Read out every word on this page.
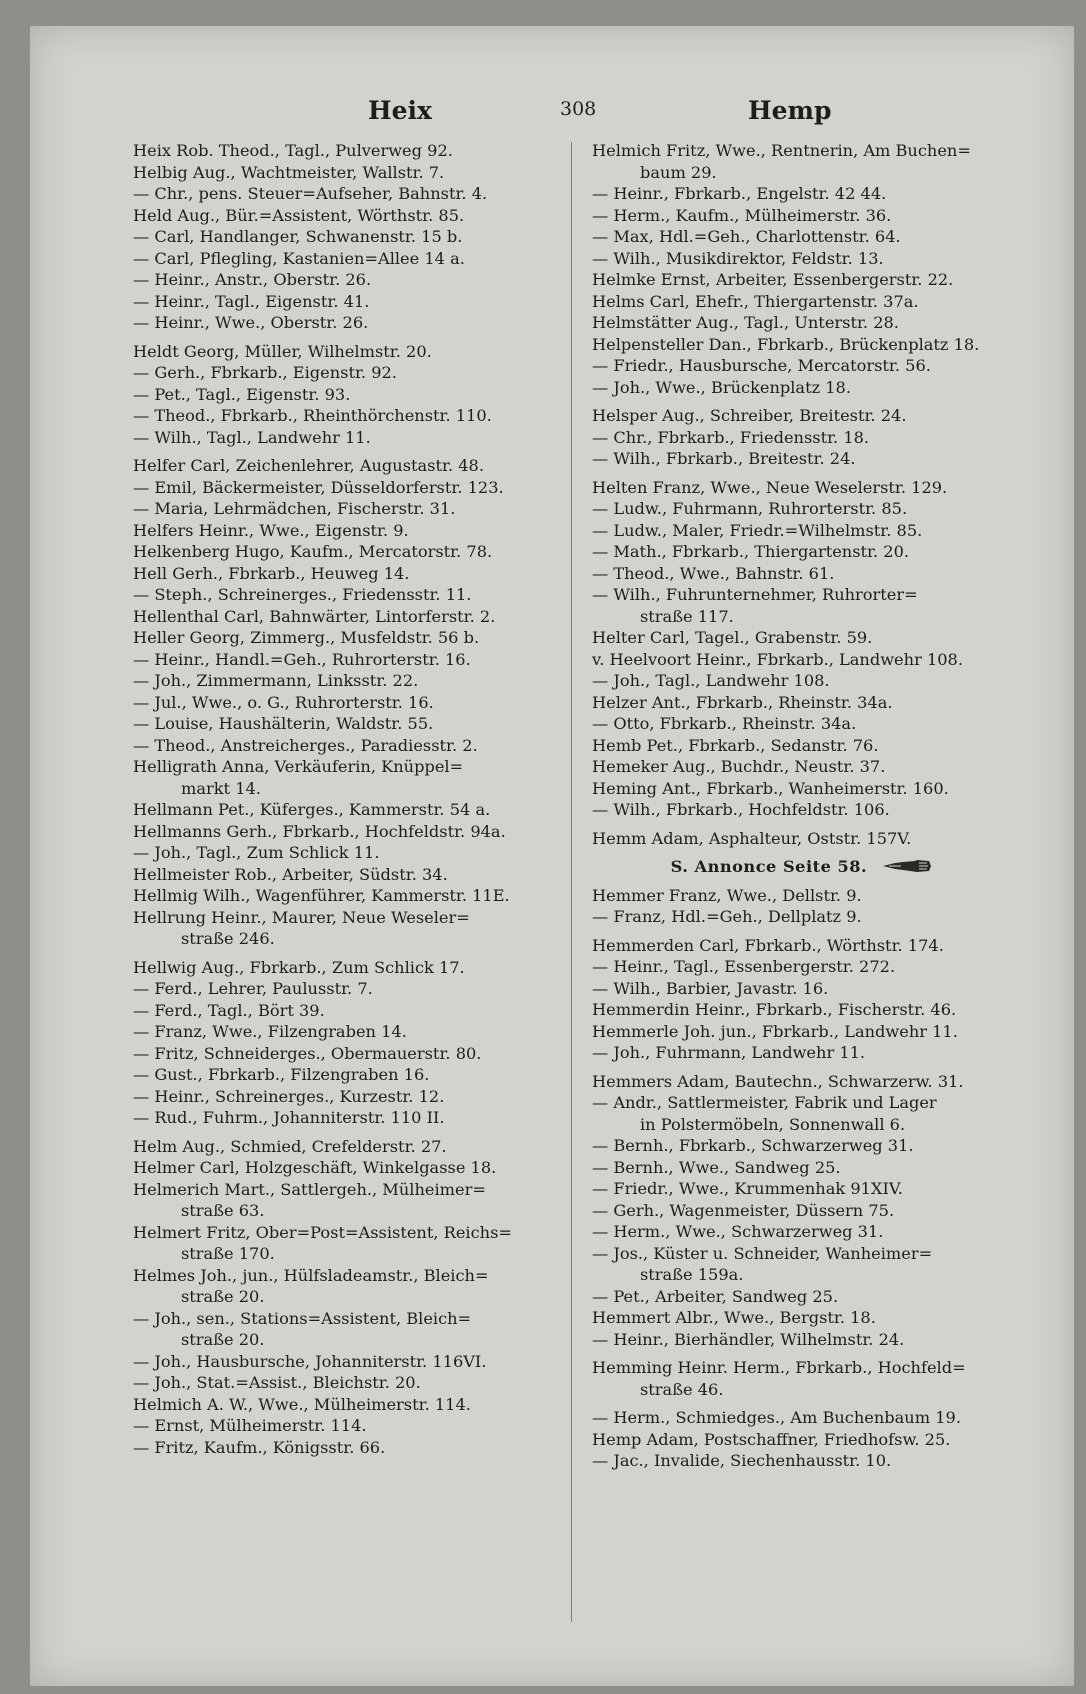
Heix	308	Hemp
Heix Rob. Theod., Tagl., Pulverweg 92.
Helbig Aug., Wachtmeister, Wallstr. 7.
— Chr., pens. Steuer=Aufseher, Bahnstr. 4.
Held Aug., Bür.=Assistent, Wörthstr. 85.
— Carl, Handlanger, Schwanenstr. 15 b.
— Carl, Pflegling, Kastanien=Allee 14 a.
— Heinr., Anstr., Oberstr. 26.
— Heinr., Tagl., Eigenstr. 41.
— Heinr., Wwe., Oberstr. 26.
Heldt Georg, Müller, Wilhelmstr. 20.
— Gerh., Fbrkarb., Eigenstr. 92.
— Pet., Tagl., Eigenstr. 93.
— Theod., Fbrkarb., Rheinthörchenstr. 110.
— Wilh., Tagl., Landwehr 11.
Helfer Carl, Zeichenlehrer, Augustastr. 48.
— Emil, Bäckermeister, Düsseldorferstr. 123.
— Maria, Lehrmädchen, Fischerstr. 31.
Helfers Heinr., Wwe., Eigenstr. 9.
Helkenberg Hugo, Kaufm., Mercatorstr. 78.
Hell Gerh., Fbrkarb., Heuweg 14.
— Steph., Schreinerges., Friedensstr. 11.
Hellenthal Carl, Bahnwärter, Lintorferstr. 2.
Heller Georg, Zimmerg., Musfeldstr. 56 b.
— Heinr., Handl.=Geh., Ruhrorterstr. 16.
— Joh., Zimmermann, Linksstr. 22.
— Jul., Wwe., o. G., Ruhrorterstr. 16.
— Louise, Haushälterin, Waldstr. 55.
— Theod., Anstreicherges., Paradiesstr. 2.
Helligrath Anna, Verkäuferin, Knüppel=
markt 14.
Hellmann Pet., Küferges., Kammerstr. 54 a.
Hellmanns Gerh., Fbrkarb., Hochfeldstr. 94a.
— Joh., Tagl., Zum Schlick 11.
Hellmeister Rob., Arbeiter, Südstr. 34.
Hellmig Wilh., Wagenführer, Kammerstr. 11E.
Hellrung Heinr., Maurer, Neue Weseler=
straße 246.
Hellwig Aug., Fbrkarb., Zum Schlick 17.
— Ferd., Lehrer, Paulusstr. 7.
— Ferd., Tagl., Bört 39.
— Franz, Wwe., Filzengraben 14.
— Fritz, Schneiderges., Obermauerstr. 80.
— Gust., Fbrkarb., Filzengraben 16.
— Heinr., Schreinerges., Kurzestr. 12.
— Rud., Fuhrm., Johanniterstr. 110 II.
Helm Aug., Schmied, Crefelderstr. 27.
Helmer Carl, Holzgeschäft, Winkelgasse 18.
Helmerich Mart., Sattlergeh., Mülheimer=
straße 63.
Helmert Fritz, Ober=Post=Assistent, Reichs=
straße 170.
Helmes Joh., jun., Hülfsladeamstr., Bleich=
straße 20.
— Joh., sen., Stations=Assistent, Bleich=
straße 20.
— Joh., Hausbursche, Johanniterstr. 116VI.
— Joh., Stat.=Assist., Bleichstr. 20.
Helmich A. W., Wwe., Mülheimerstr. 114.
— Ernst, Mülheimerstr. 114.
— Fritz, Kaufm., Königsstr. 66.
Helmich Fritz, Wwe., Rentnerin, Am Buchen=
baum 29.
— Heinr., Fbrkarb., Engelstr. 42 44.
— Herm., Kaufm., Mülheimerstr. 36.
— Max, Hdl.=Geh., Charlottenstr. 64.
— Wilh., Musikdirektor, Feldstr. 13.
Helmke Ernst, Arbeiter, Essenbergerstr. 22.
Helms Carl, Ehefr., Thiergartenstr. 37a.
Helmstätter Aug., Tagl., Unterstr. 28.
Helpensteller Dan., Fbrkarb., Brückenplatz 18.
— Friedr., Hausbursche, Mercatorstr. 56.
— Joh., Wwe., Brückenplatz 18.
Helsper Aug., Schreiber, Breitestr. 24.
— Chr., Fbrkarb., Friedensstr. 18.
— Wilh., Fbrkarb., Breitestr. 24.
Helten Franz, Wwe., Neue Weselerstr. 129.
— Ludw., Fuhrmann, Ruhrorterstr. 85.
— Ludw., Maler, Friedr.=Wilhelmstr. 85.
— Math., Fbrkarb., Thiergartenstr. 20.
— Theod., Wwe., Bahnstr. 61.
— Wilh., Fuhrunternehmer, Ruhrorter=
straße 117.
Helter Carl, Tagel., Grabenstr. 59.
v. Heelvoort Heinr., Fbrkarb., Landwehr 108.
— Joh., Tagl., Landwehr 108.
Helzer Ant., Fbrkarb., Rheinstr. 34a.
— Otto, Fbrkarb., Rheinstr. 34a.
Hemb Pet., Fbrkarb., Sedanstr. 76.
Hemeker Aug., Buchdr., Neustr. 37.
Heming Ant., Fbrkarb., Wanheimerstr. 160.
— Wilh., Fbrkarb., Hochfeldstr. 106.
Hemm Adam, Asphalteur, Oststr. 157V.
S. Annonce Seite 58.
Hemmer Franz, Wwe., Dellstr. 9.
— Franz, Hdl.=Geh., Dellplatz 9.
Hemmerden Carl, Fbrkarb., Wörthstr. 174.
— Heinr., Tagl., Essenbergerstr. 272.
— Wilh., Barbier, Javastr. 16.
Hemmerdin Heinr., Fbrkarb., Fischerstr. 46.
Hemmerle Joh. jun., Fbrkarb., Landwehr 11.
— Joh., Fuhrmann, Landwehr 11.
Hemmers Adam, Bautechn., Schwarzerw. 31.
— Andr., Sattlermeister, Fabrik und Lager
in Polstermöbeln, Sonnenwall 6.
— Bernh., Fbrkarb., Schwarzerweg 31.
— Bernh., Wwe., Sandweg 25.
— Friedr., Wwe., Krummenhak 91XIV.
— Gerh., Wagenmeister, Düssern 75.
— Herm., Wwe., Schwarzerweg 31.
— Jos., Küster u. Schneider, Wanheimer=
straße 159a.
— Pet., Arbeiter, Sandweg 25.
Hemmert Albr., Wwe., Bergstr. 18.
— Heinr., Bierhändler, Wilhelmstr. 24.
Hemming Heinr. Herm., Fbrkarb., Hochfeld=
straße 46.
— Herm., Schmiedges., Am Buchenbaum 19.
Hemp Adam, Postschaffner, Friedhofsw. 25.
— Jac., Invalide, Siechenhausstr. 10.
